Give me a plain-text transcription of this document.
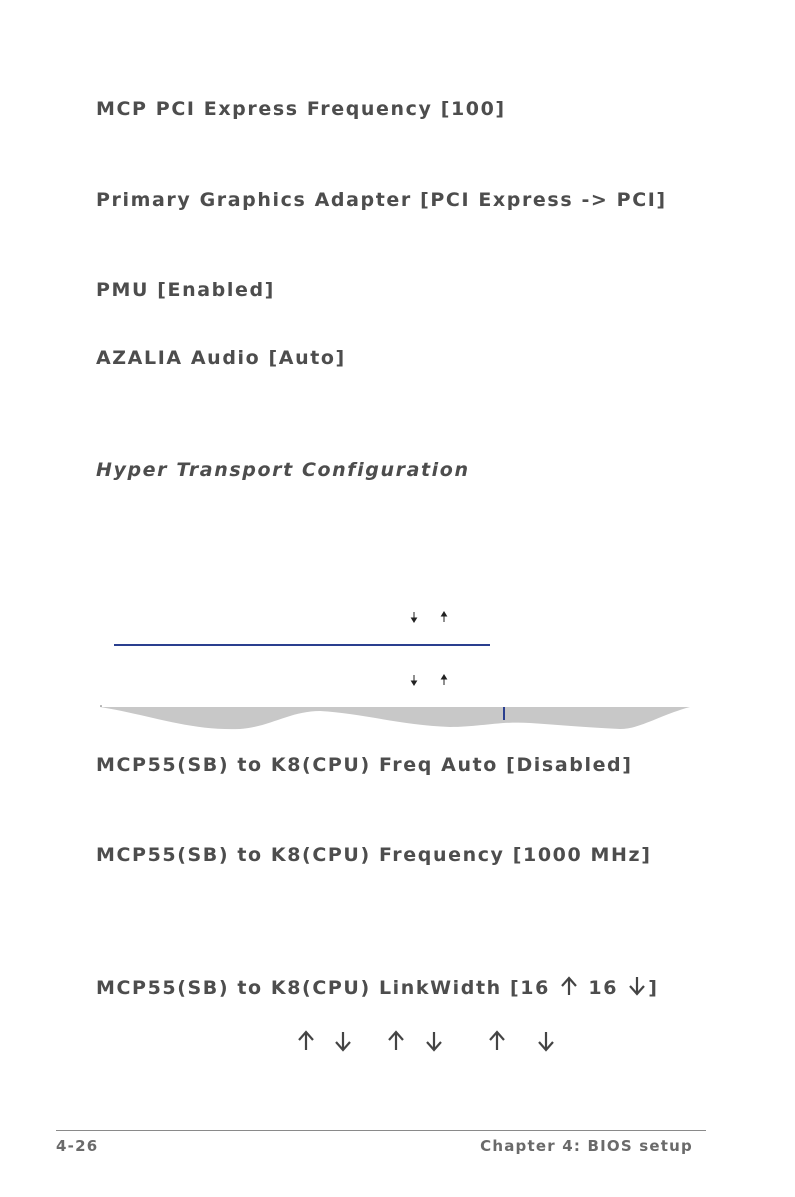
MCP PCI Express Frequency [100]
Primary Graphics Adapter [PCI Express -> PCI]
PMU [Enabled]
AZALIA Audio [Auto]
Hyper Transport Configuration
MCP55(SB) to K8(CPU) Freq Auto [Disabled]
MCP55(SB) to K8(CPU) Frequency [1000 MHz]
MCP55(SB) to K8(CPU) LinkWidth [16
16
]
4-26	Chapter 4: BIOS setup
